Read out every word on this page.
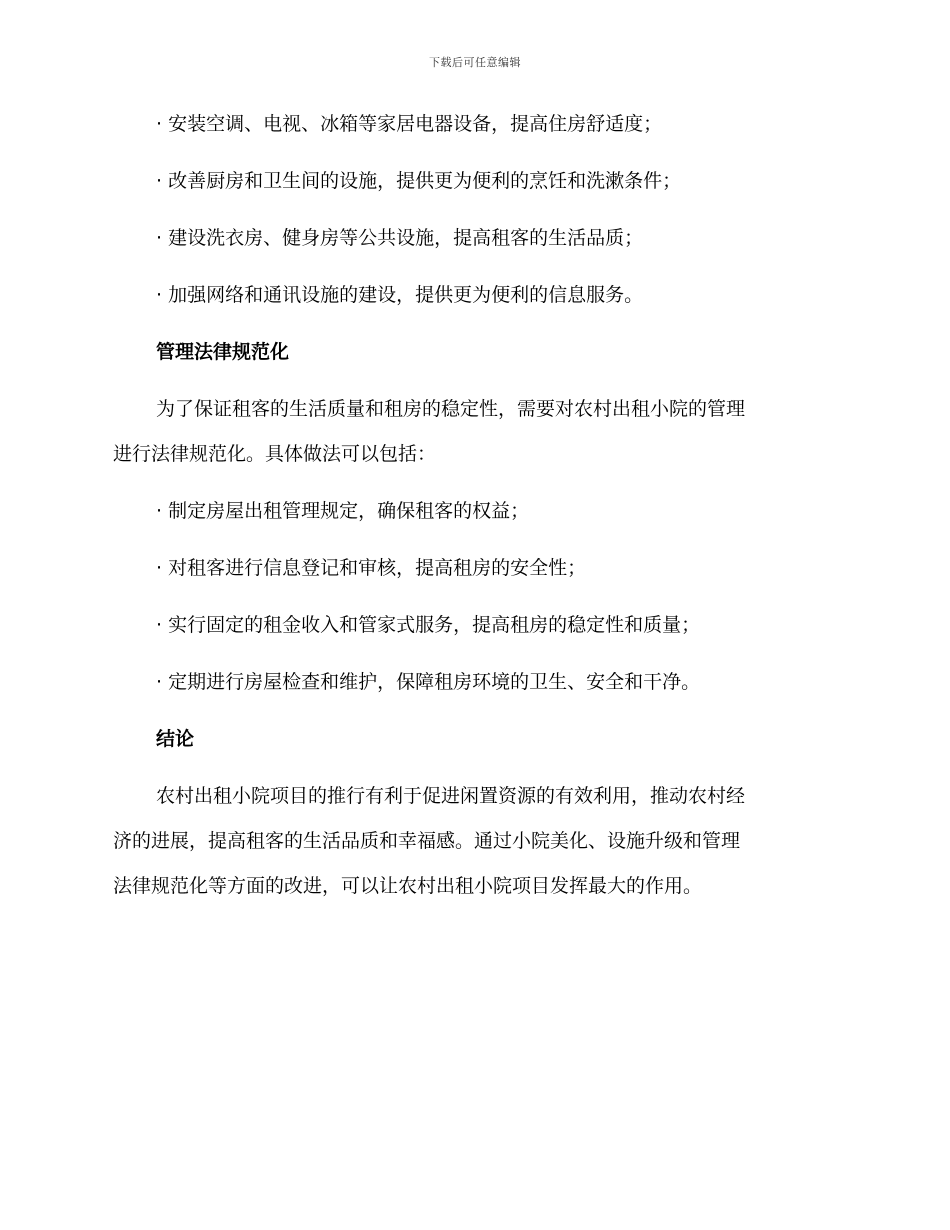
下载后可任意编辑
· 安装空调、电视、冰箱等家居电器设备，提高住房舒适度；
· 改善厨房和卫生间的设施，提供更为便利的烹饪和洗漱条件；
· 建设洗衣房、健身房等公共设施，提高租客的生活品质；
· 加强网络和通讯设施的建设，提供更为便利的信息服务。
管理法律规范化
为了保证租客的生活质量和租房的稳定性，需要对农村出租小院的管理
进行法律规范化。具体做法可以包括：
· 制定房屋出租管理规定，确保租客的权益；
· 对租客进行信息登记和审核，提高租房的安全性；
· 实行固定的租金收入和管家式服务，提高租房的稳定性和质量；
· 定期进行房屋检查和维护，保障租房环境的卫生、安全和干净。
结论
农村出租小院项目的推行有利于促进闲置资源的有效利用，推动农村经
济的进展，提高租客的生活品质和幸福感。通过小院美化、设施升级和管理
法律规范化等方面的改进，可以让农村出租小院项目发挥最大的作用。
